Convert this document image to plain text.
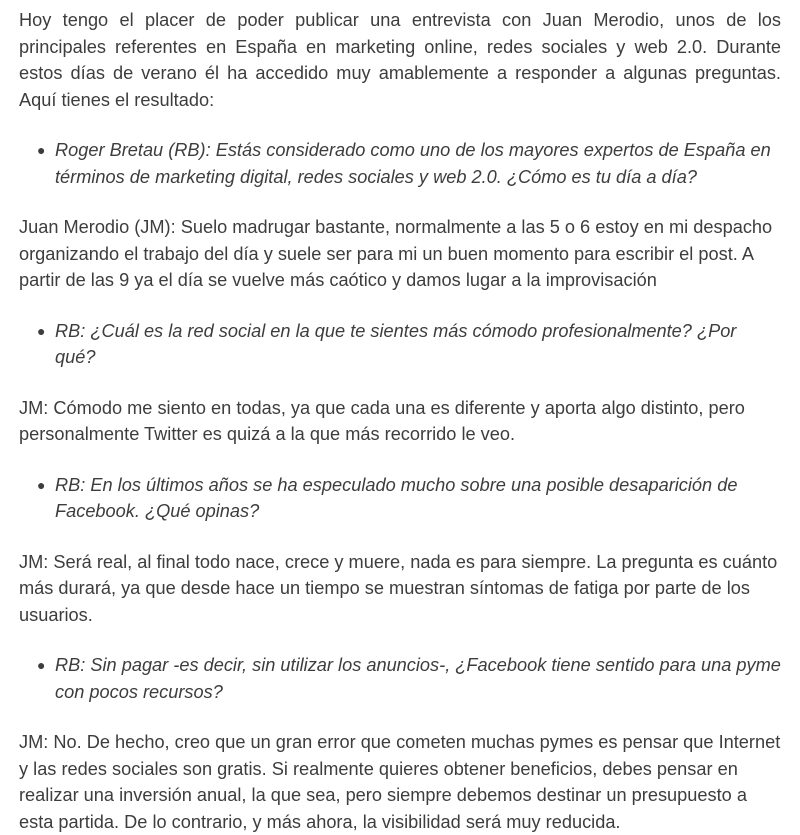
Hoy tengo el placer de poder publicar una entrevista con Juan Merodio, unos de los principales referentes en España en marketing online, redes sociales y web 2.0. Durante estos días de verano él ha accedido muy amablemente a responder a algunas preguntas. Aquí tienes el resultado:

● Roger Bretau (RB): Estás considerado como uno de los mayores expertos de España en términos de marketing digital, redes sociales y web 2.0. ¿Cómo es tu día a día?

Juan Merodio (JM): Suelo madrugar bastante, normalmente a las 5 o 6 estoy en mi despacho organizando el trabajo del día y suele ser para mi un buen momento para escribir el post. A partir de las 9 ya el día se vuelve más caótico y damos lugar a la improvisación

● RB: ¿Cuál es la red social en la que te sientes más cómodo profesionalmente? ¿Por qué?

JM: Cómodo me siento en todas, ya que cada una es diferente y aporta algo distinto, pero personalmente Twitter es quizá a la que más recorrido le veo.

● RB: En los últimos años se ha especulado mucho sobre una posible desaparición de Facebook. ¿Qué opinas?

JM: Será real, al final todo nace, crece y muere, nada es para siempre. La pregunta es cuánto más durará, ya que desde hace un tiempo se muestran síntomas de fatiga por parte de los usuarios.

● RB: Sin pagar -es decir, sin utilizar los anuncios-, ¿Facebook tiene sentido para una pyme con pocos recursos?

JM: No. De hecho, creo que un gran error que cometen muchas pymes es pensar que Internet y las redes sociales son gratis. Si realmente quieres obtener beneficios, debes pensar en realizar una inversión anual, la que sea, pero siempre debemos destinar un presupuesto a esta partida. De lo contrario, y más ahora, la visibilidad será muy reducida.
